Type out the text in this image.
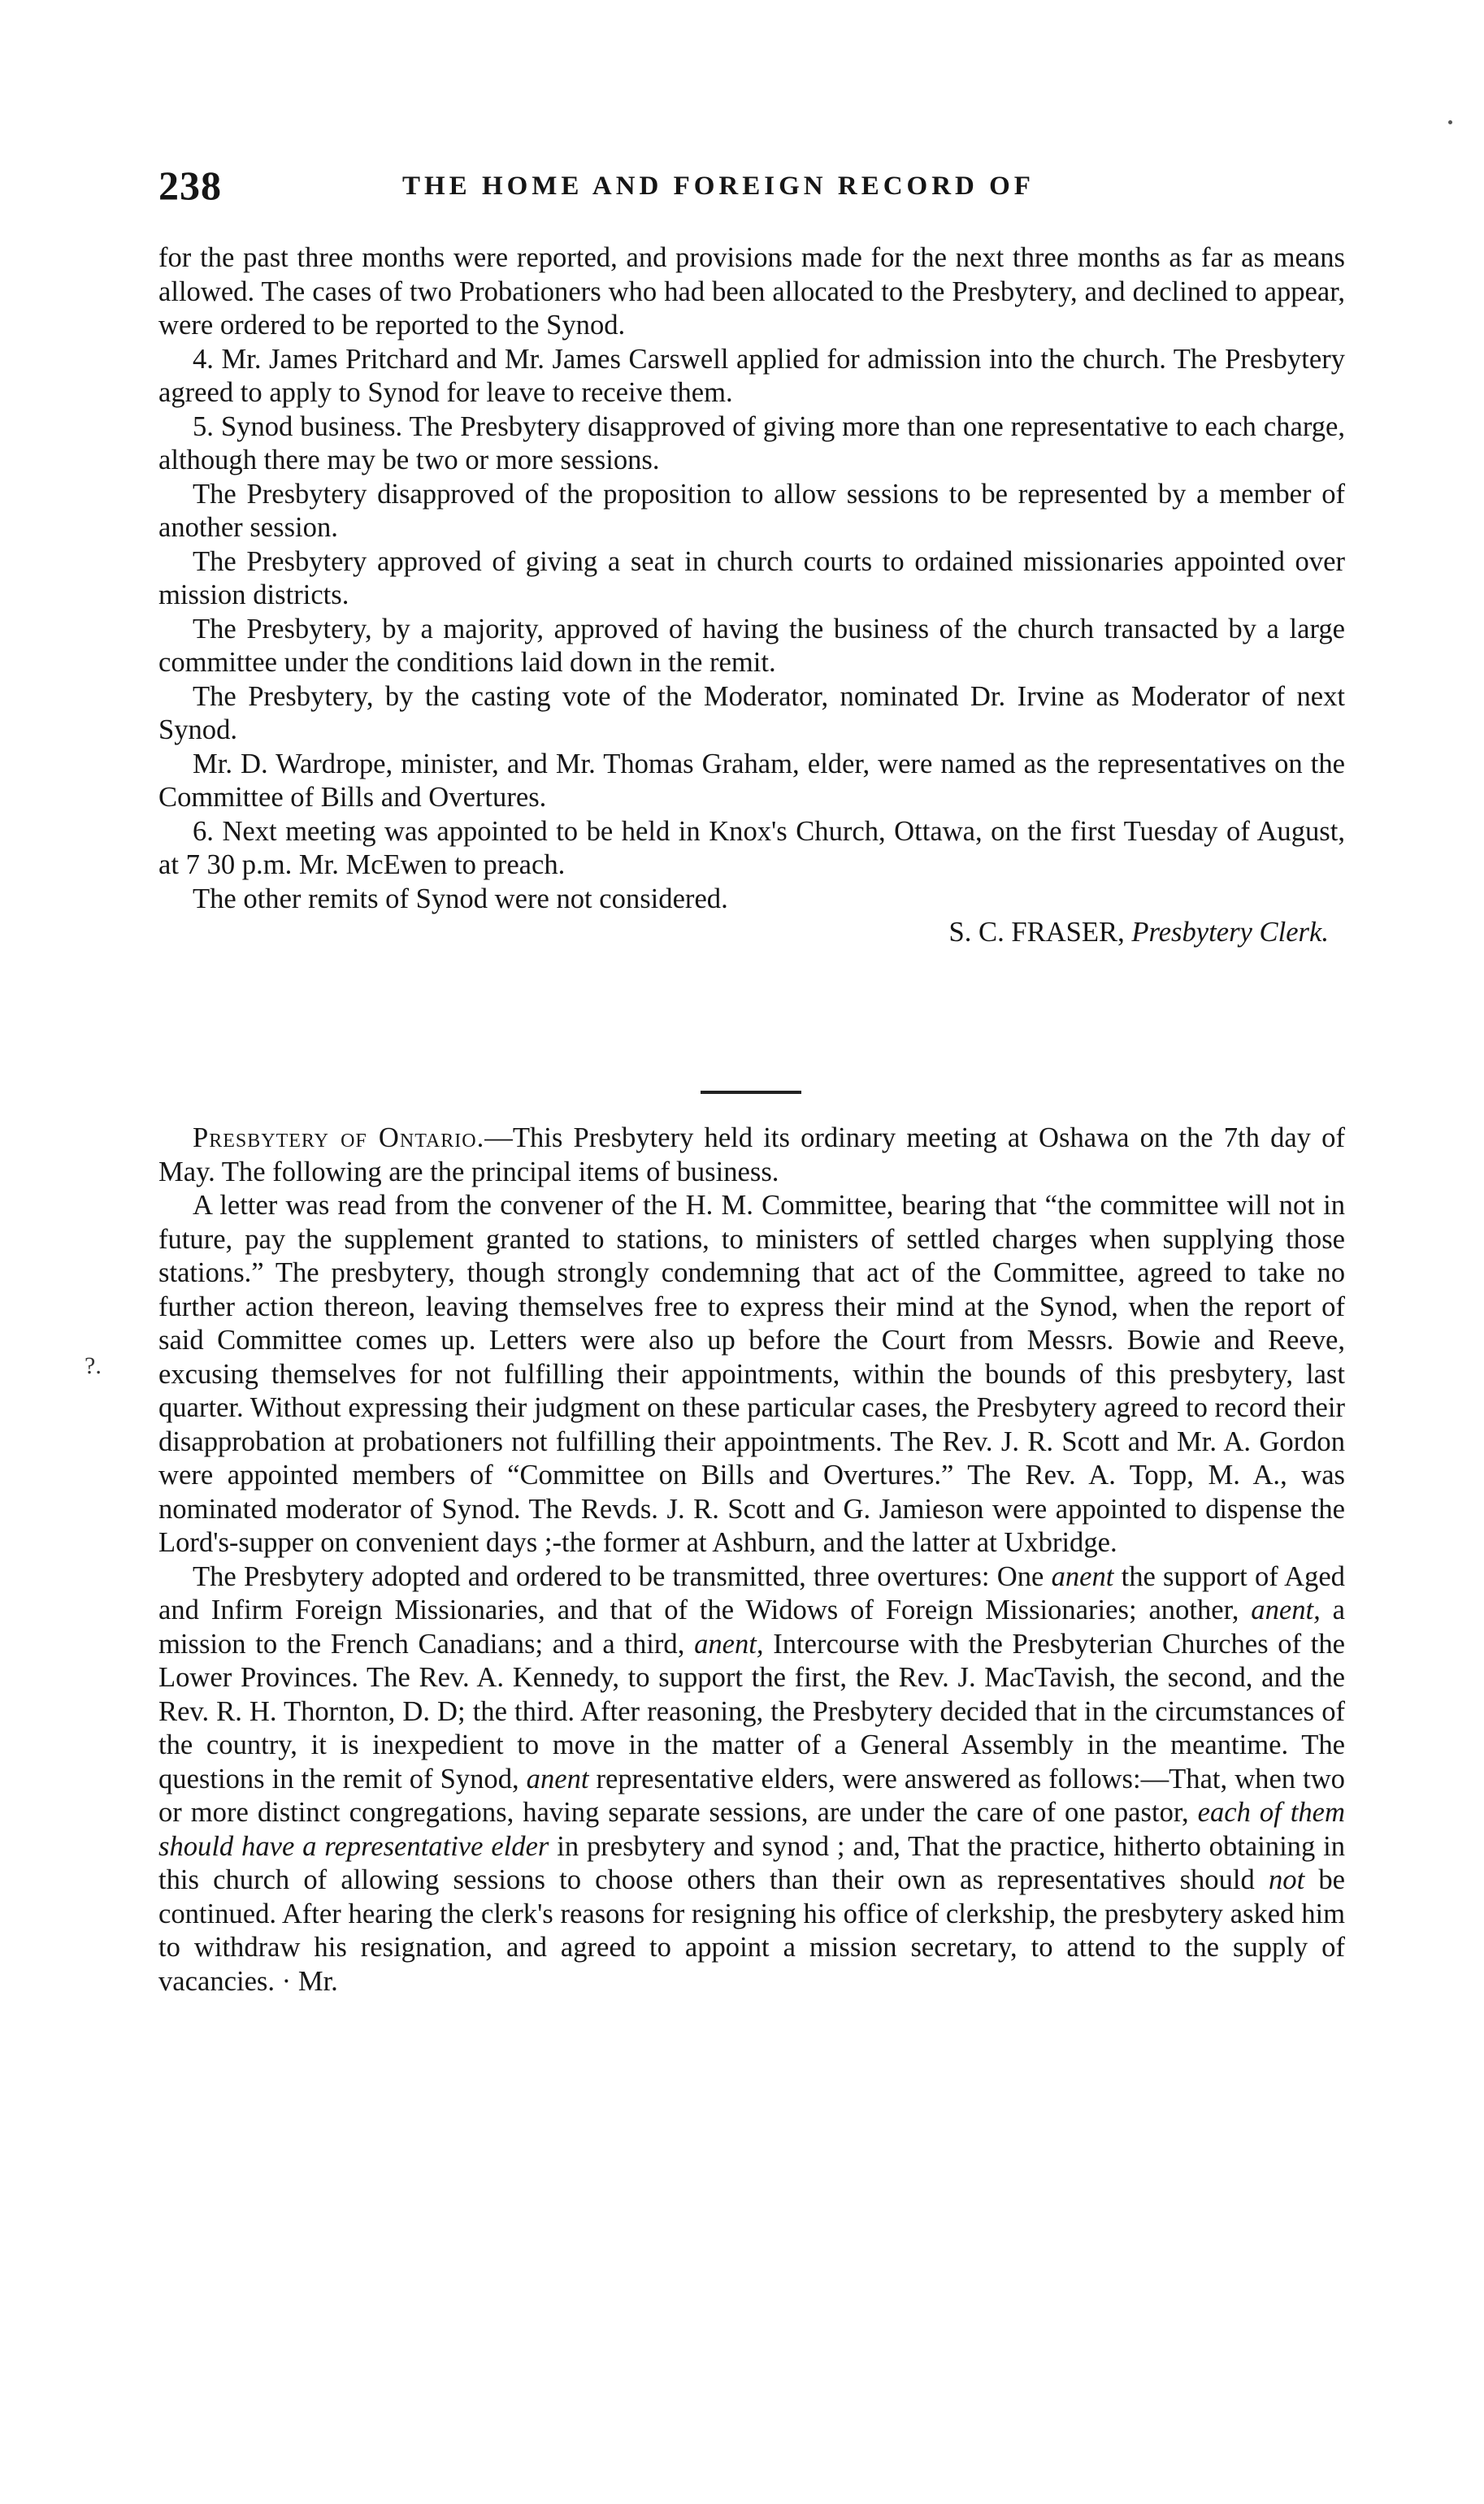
238	THE HOME AND FOREIGN RECORD OF

for the past three months were reported, and provisions made for the next three months as far as means allowed. The cases of two Probationers who had been allocated to the Presbytery, and declined to appear, were ordered to be reported to the Synod.

4. Mr. James Pritchard and Mr. James Carswell applied for admission into the church. The Presbytery agreed to apply to Synod for leave to receive them.

5. Synod business. The Presbytery disapproved of giving more than one representative to each charge, although there may be two or more sessions.

The Presbytery disapproved of the proposition to allow sessions to be represented by a member of another session.

The Presbytery approved of giving a seat in church courts to ordained missionaries appointed over mission districts.

The Presbytery, by a majority, approved of having the business of the church transacted by a large committee under the conditions laid down in the remit.

The Presbytery, by the casting vote of the Moderator, nominated Dr. Irvine as Moderator of next Synod.

Mr. D. Wardrope, minister, and Mr. Thomas Graham, elder, were named as the representatives on the Committee of Bills and Overtures.

6. Next meeting was appointed to be held in Knox's Church, Ottawa, on the first Tuesday of August, at 7 30 p.m. Mr. McEwen to preach.

The other remits of Synod were not considered.

S. C. FRASER, Presbytery Clerk.

?.

Presbytery of Ontario.—This Presbytery held its ordinary meeting at Oshawa on the 7th day of May. The following are the principal items of business.

A letter was read from the convener of the H. M. Committee, bearing that “the committee will not in future, pay the supplement granted to stations, to ministers of settled charges when supplying those stations.” The presbytery, though strongly condemning that act of the Committee, agreed to take no further action thereon, leaving themselves free to express their mind at the Synod, when the report of said Committee comes up. Letters were also up before the Court from Messrs. Bowie and Reeve, excusing themselves for not fulfilling their appointments, within the bounds of this presbytery, last quarter. Without expressing their judgment on these particular cases, the Presbytery agreed to record their disapprobation at probationers not fulfilling their appointments. The Rev. J. R. Scott and Mr. A. Gordon were appointed members of “Committee on Bills and Overtures.” The Rev. A. Topp, M. A., was nominated moderator of Synod. The Revds. J. R. Scott and G. Jamieson were appointed to dispense the Lord's-supper on convenient days ;-the former at Ashburn, and the latter at Uxbridge.

The Presbytery adopted and ordered to be transmitted, three overtures: One anent the support of Aged and Infirm Foreign Missionaries, and that of the Widows of Foreign Missionaries; another, anent, a mission to the French Canadians; and a third, anent, Intercourse with the Presbyterian Churches of the Lower Provinces. The Rev. A. Kennedy, to support the first, the Rev. J. MacTavish, the second, and the Rev. R. H. Thornton, D. D; the third. After reasoning, the Presbytery decided that in the circumstances of the country, it is inexpedient to move in the matter of a General Assembly in the meantime. The questions in the remit of Synod, anent representative elders, were answered as follows:—That, when two or more distinct congregations, having separate sessions, are under the care of one pastor, each of them should have a representative elder in presbytery and synod ; and, That the practice, hitherto obtaining in this church of allowing sessions to choose others than their own as representatives should not be continued. After hearing the clerk's reasons for resigning his office of clerkship, the presbytery asked him to withdraw his resignation, and agreed to appoint a mission secretary, to attend to the supply of vacancies. · Mr.
